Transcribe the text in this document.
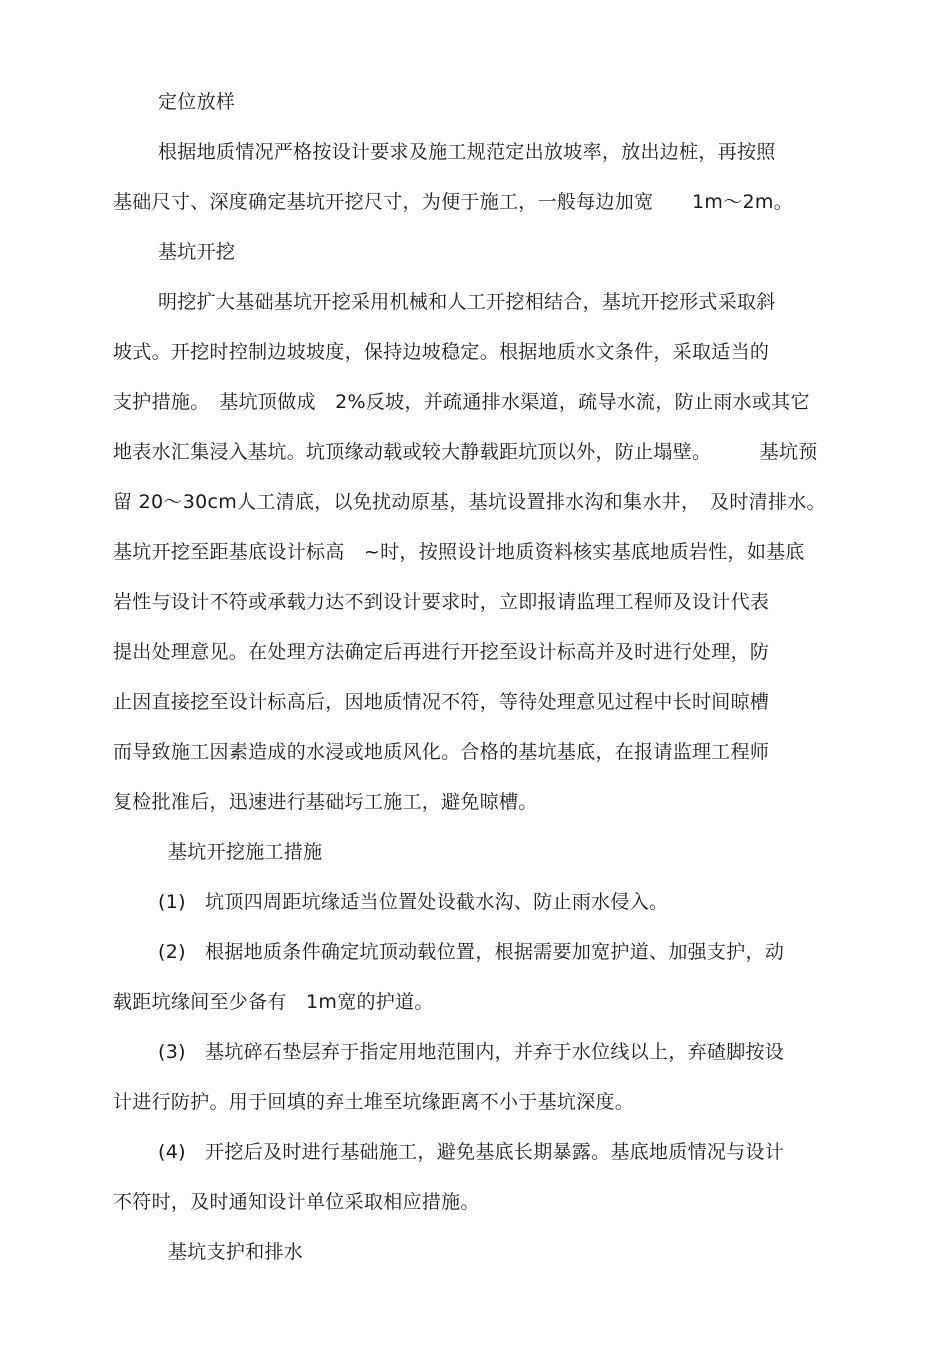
定位放样
根据地质情况严格按设计要求及施工规范定出放坡率，放出边桩，再按照
基础尺寸、深度确定基坑开挖尺寸，为便于施工，一般每边加宽　　1m～2m。
基坑开挖
明挖扩大基础基坑开挖采用机械和人工开挖相结合，基坑开挖形式采取斜
坡式。开挖时控制边坡坡度，保持边坡稳定。根据地质水文条件，采取适当的
支护措施。　基坑顶做成　2%反坡，并疏通排水渠道，疏导水流，防止雨水或其它
地表水汇集浸入基坑。坑顶缘动载或较大静载距坑顶以外，防止塌壁。　　　基坑预
留 20～30cm人工清底，以免扰动原基，基坑设置排水沟和集水井，　及时清排水。
基坑开挖至距基底设计标高　~时，按照设计地质资料核实基底地质岩性，如基底
岩性与设计不符或承载力达不到设计要求时，立即报请监理工程师及设计代表
提出处理意见。在处理方法确定后再进行开挖至设计标高并及时进行处理，防
止因直接挖至设计标高后，因地质情况不符，等待处理意见过程中长时间晾槽
而导致施工因素造成的水浸或地质风化。合格的基坑基底，在报请监理工程师
复检批准后，迅速进行基础圬工施工，避免晾槽。
基坑开挖施工措施
(1)　坑顶四周距坑缘适当位置处设截水沟、防止雨水侵入。
(2)　根据地质条件确定坑顶动载位置，根据需要加宽护道、加强支护，动
载距坑缘间至少备有　1m宽的护道。
(3)　基坑碎石垫层弃于指定用地范围内，并弃于水位线以上，弃碴脚按设
计进行防护。用于回填的弃土堆至坑缘距离不小于基坑深度。
(4)　开挖后及时进行基础施工，避免基底长期暴露。基底地质情况与设计
不符时，及时通知设计单位采取相应措施。
基坑支护和排水
